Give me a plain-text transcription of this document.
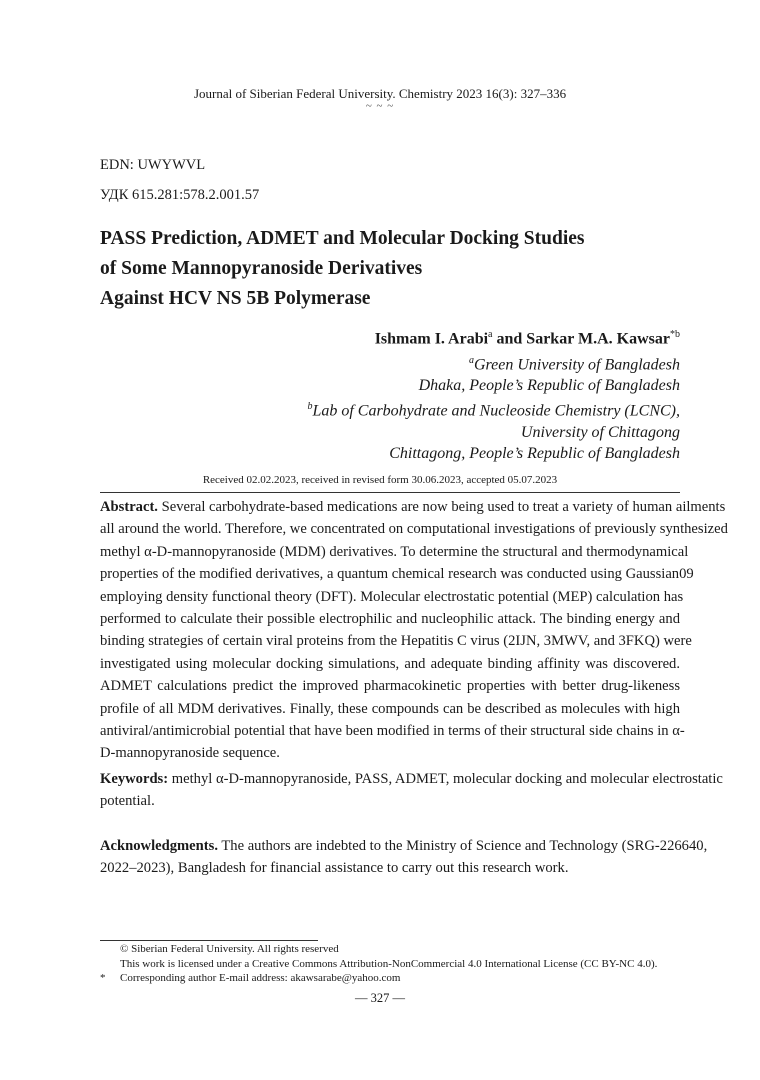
Journal of Siberian Federal University. Chemistry 2023 16(3): 327–336
~ ~ ~
EDN: UWYWVL
УДК 615.281:578.2.001.57
PASS Prediction, ADMET and Molecular Docking Studies
of Some Mannopyranoside Derivatives
Against HCV NS 5B Polymerase
Ishmam I. Arabi$^a$ and Sarkar M.A. Kawsar$^{*b}$
$^a$Green University of Bangladesh
Dhaka, People’s Republic of Bangladesh
$^b$Lab of Carbohydrate and Nucleoside Chemistry (LCNC),
University of Chittagong
Chittagong, People’s Republic of Bangladesh
Received 02.02.2023, received in revised form 30.06.2023, accepted 05.07.2023
Abstract. Several carbohydrate-based medications are now being used to treat a variety of human ailments
all around the world. Therefore, we concentrated on computational investigations of previously synthesized
methyl α-D-mannopyranoside (MDM) derivatives. To determine the structural and thermodynamical
properties of the modified derivatives, a quantum chemical research was conducted using Gaussian09
employing density functional theory (DFT). Molecular electrostatic potential (MEP) calculation has
performed to calculate their possible electrophilic and nucleophilic attack. The binding energy and
binding strategies of certain viral proteins from the Hepatitis C virus (2IJN, 3MWV, and 3FKQ) were
investigated using molecular docking simulations, and adequate binding affinity was discovered.
ADMET calculations predict the improved pharmacokinetic properties with better drug-likeness
profile of all MDM derivatives. Finally, these compounds can be described as molecules with high
antiviral/antimicrobial potential that have been modified in terms of their structural side chains in α-
D-mannopyranoside sequence.
Keywords: methyl α-D-mannopyranoside, PASS, ADMET, molecular docking and molecular electrostatic
potential.
Acknowledgments. The authors are indebted to the Ministry of Science and Technology (SRG-226640,
2022–2023), Bangladesh for financial assistance to carry out this research work.
© Siberian Federal University. All rights reserved
This work is licensed under a Creative Commons Attribution-NonCommercial 4.0 International License (CC BY-NC 4.0).
* Corresponding author E-mail address: akawsarabe@yahoo.com
— 327 —
